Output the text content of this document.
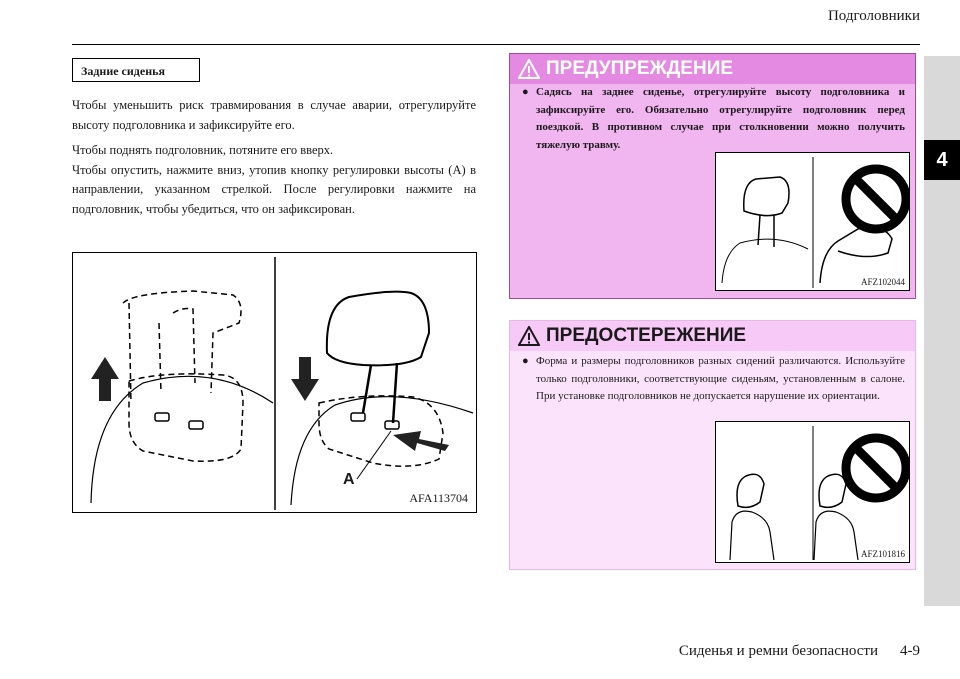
Подголовники
4
Задние сиденья
Чтобы уменьшить риск травмирования в случае аварии, отрегулируйте высоту подголовника и зафиксируйте его.
Чтобы поднять подголовник, потяните его вверх.
Чтобы опустить, нажмите вниз, утопив кнопку регулировки высоты (A) в направлении, указанном стрелкой. После регулировки нажмите на подголовник, чтобы убедиться, что он зафиксирован.
A
AFA113704
ПРЕДУПРЕЖДЕНИЕ
● Садясь на заднее сиденье, отрегулируйте высоту подголовника и зафиксируйте его. Обязательно отрегулируйте подголовник перед поездкой. В противном случае при столкновении можно получить тяжелую травму.
AFZ102044
ПРЕДОСТЕРЕЖЕНИЕ
● Форма и размеры подголовников разных сидений различаются. Используйте только подголовники, соответствующие сиденьям, установленным в салоне. При установке подголовников не допускается нарушение их ориентации.
AFZ101816
Сиденья и ремни безопасности 4-9
